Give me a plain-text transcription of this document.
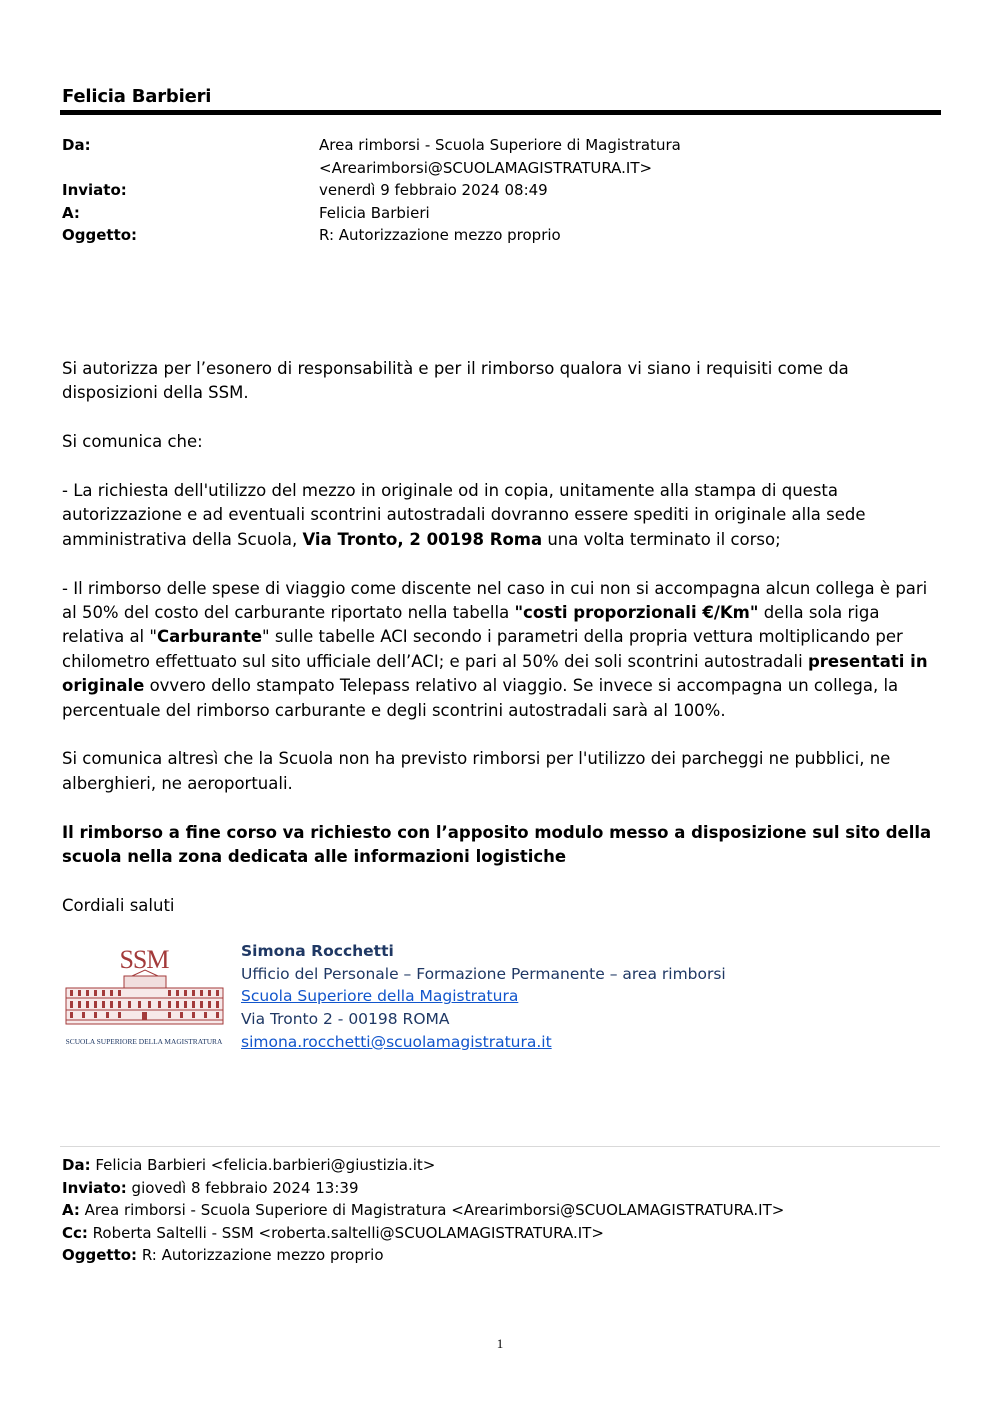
Felicia Barbieri
Da:	Area rimborsi - Scuola Superiore di Magistratura
<Arearimborsi@SCUOLAMAGISTRATURA.IT>
Inviato:	venerdì 9 febbraio 2024 08:49
A:	Felicia Barbieri
Oggetto:	R: Autorizzazione mezzo proprio

Si autorizza per l’esonero di responsabilità e per il rimborso qualora vi siano i requisiti come da disposizioni della SSM.

Si comunica che:

- La richiesta dell'utilizzo del mezzo in originale od in copia, unitamente alla stampa di questa autorizzazione e ad eventuali scontrini autostradali dovranno essere spediti in originale alla sede amministrativa della Scuola, Via Tronto, 2 00198 Roma una volta terminato il corso;

- Il rimborso delle spese di viaggio come discente nel caso in cui non si accompagna alcun collega è pari al 50% del costo del carburante riportato nella tabella "costi proporzionali €/Km" della sola riga relativa al "Carburante" sulle tabelle ACI secondo i parametri della propria vettura moltiplicando per chilometro effettuato sul sito ufficiale dell’ACI; e pari al 50% dei soli scontrini autostradali presentati in originale ovvero dello stampato Telepass relativo al viaggio. Se invece si accompagna un collega, la percentuale del rimborso carburante e degli scontrini autostradali sarà al 100%.

Si comunica altresì che la Scuola non ha previsto rimborsi per l'utilizzo dei parcheggi ne pubblici, ne alberghieri, ne aeroportuali.

Il rimborso a fine corso va richiesto con l’apposito modulo messo a disposizione sul sito della scuola nella zona dedicata alle informazioni logistiche

Cordiali saluti

SSM
SCUOLA SUPERIORE DELLA MAGISTRATURA
Simona Rocchetti
Ufficio del Personale – Formazione Permanente – area rimborsi
Scuola Superiore della Magistratura
Via Tronto 2 - 00198 ROMA
simona.rocchetti@scuolamagistratura.it
Da: Felicia Barbieri <felicia.barbieri@giustizia.it>
Inviato: giovedì 8 febbraio 2024 13:39
A: Area rimborsi - Scuola Superiore di Magistratura <Arearimborsi@SCUOLAMAGISTRATURA.IT>
Cc: Roberta Saltelli - SSM <roberta.saltelli@SCUOLAMAGISTRATURA.IT>
Oggetto: R: Autorizzazione mezzo proprio
1
